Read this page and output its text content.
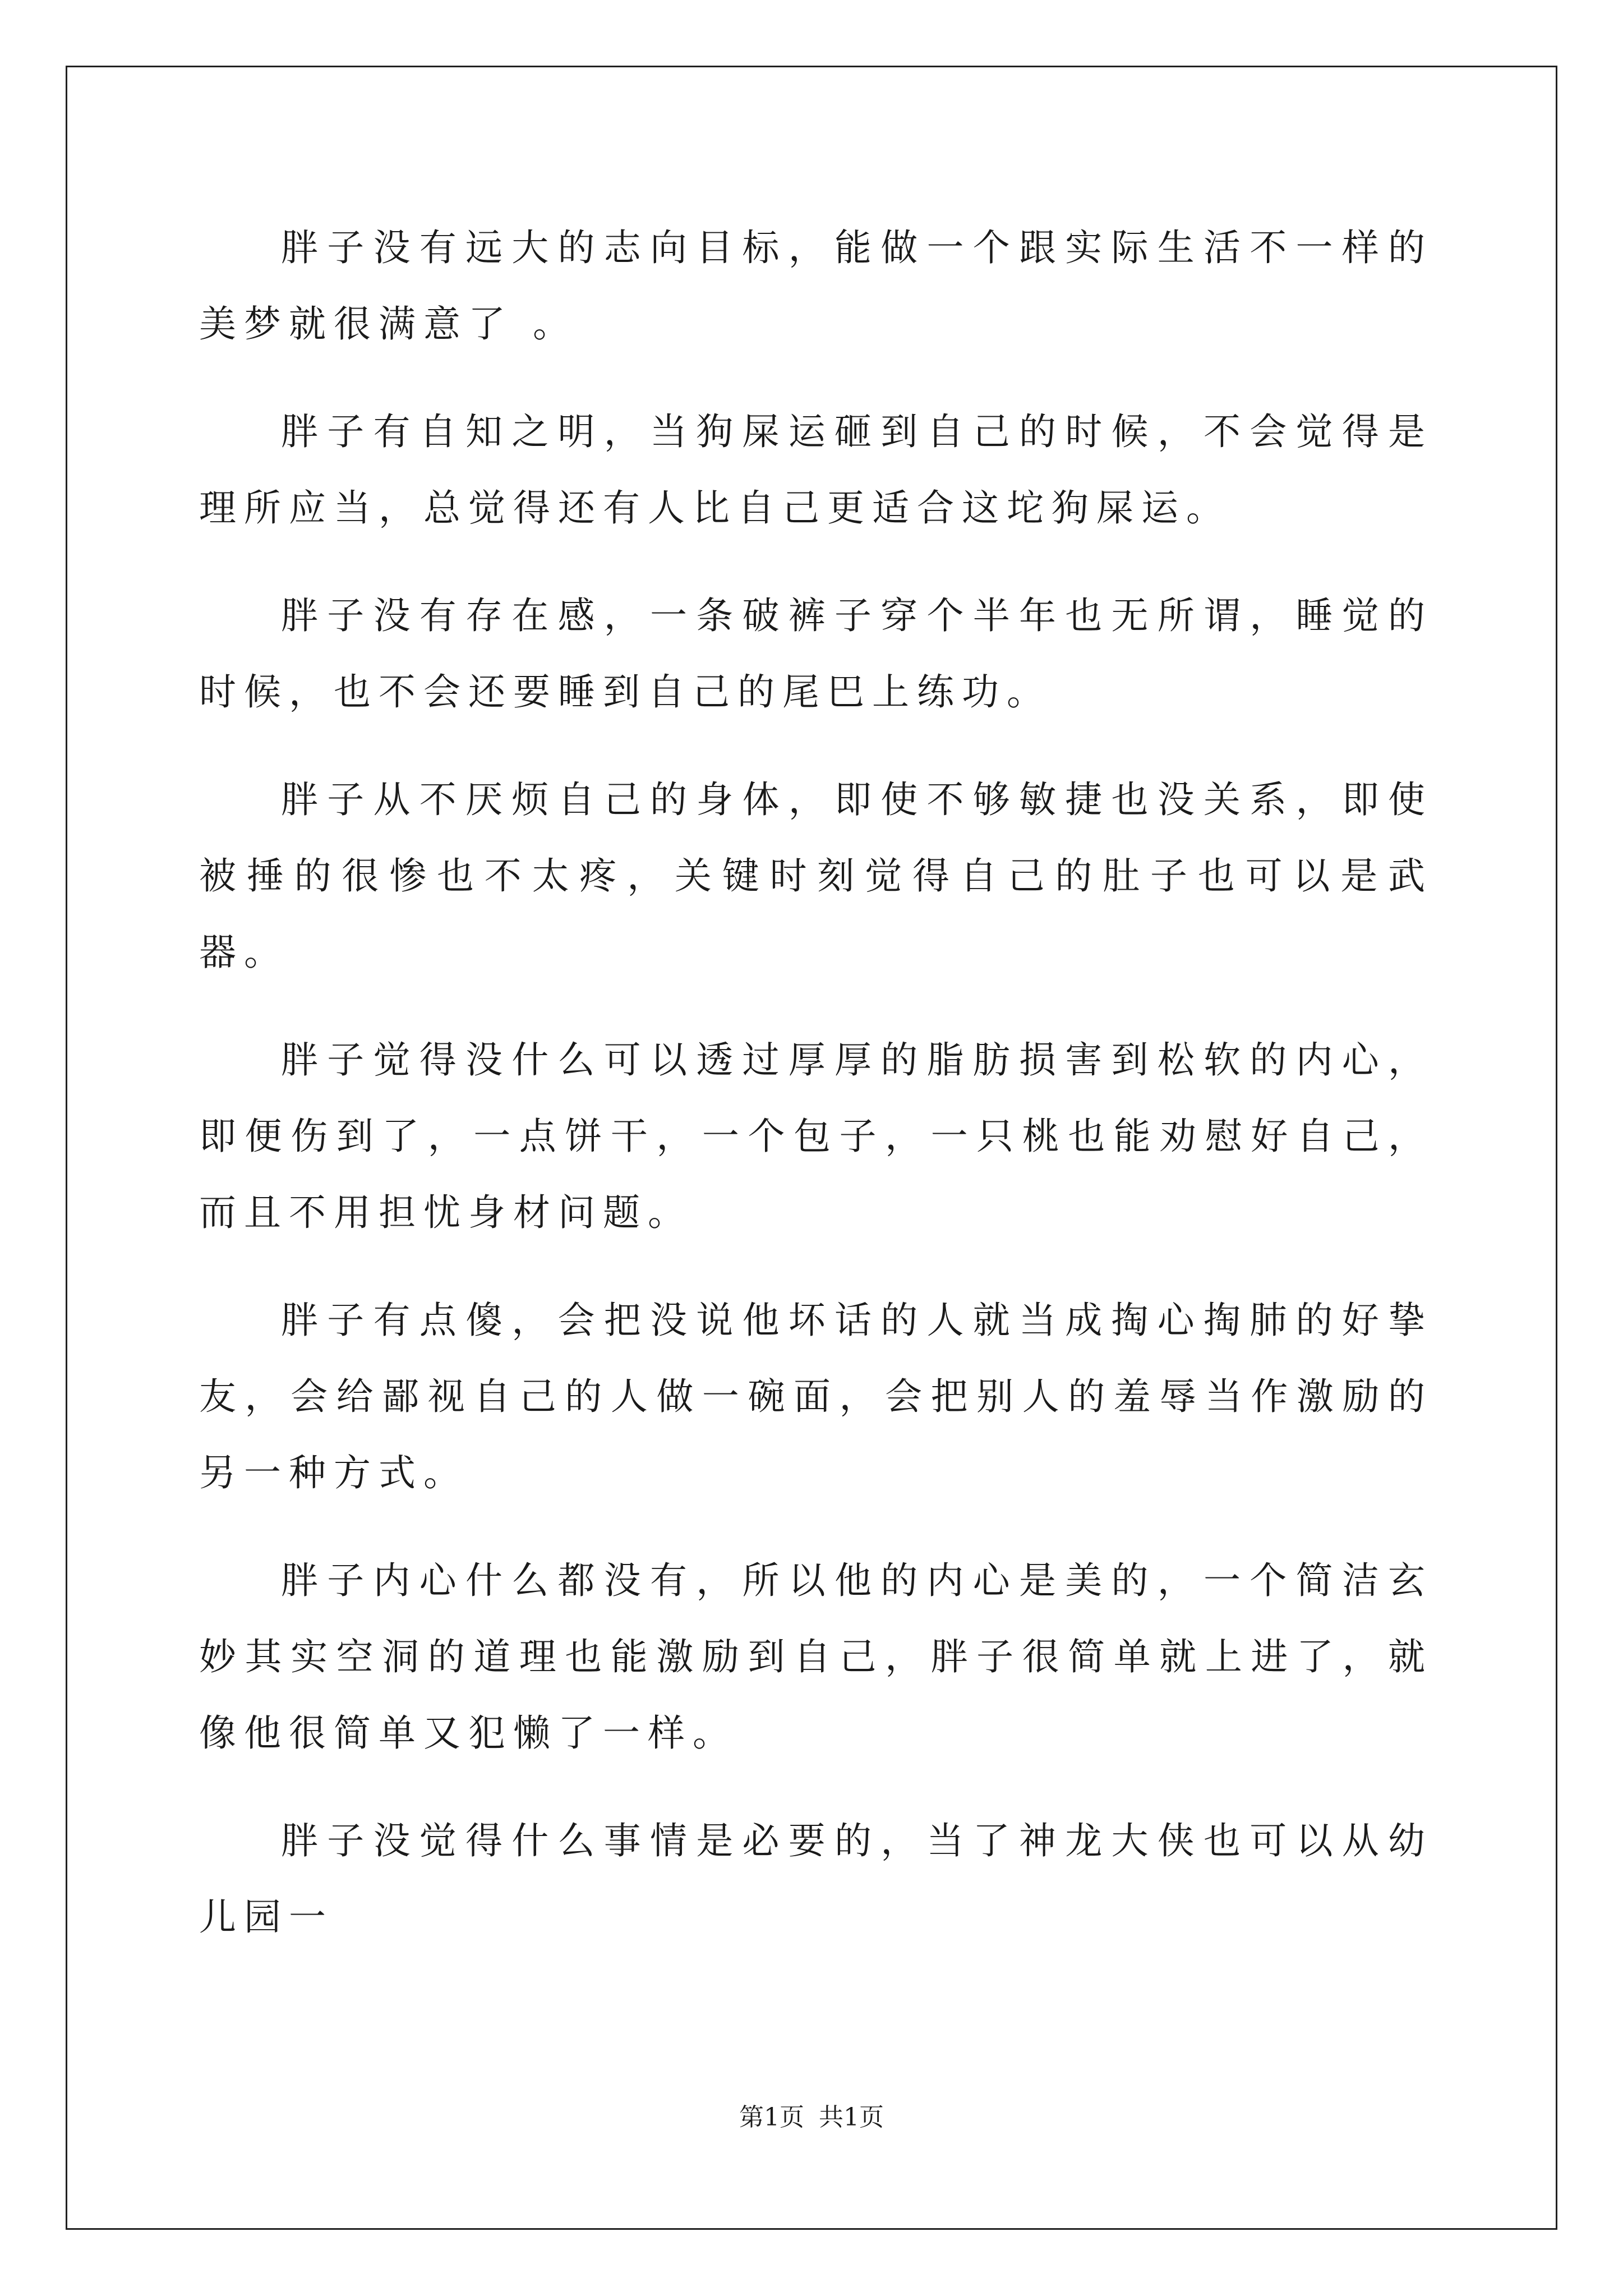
胖子没有远大的志向目标，能做一个跟实际生活不一样的美梦就很满意了 。

胖子有自知之明，当狗屎运砸到自己的时候，不会觉得是理所应当，总觉得还有人比自己更适合这坨狗屎运。

胖子没有存在感，一条破裤子穿个半年也无所谓，睡觉的时候，也不会还要睡到自己的尾巴上练功。

胖子从不厌烦自己的身体，即使不够敏捷也没关系，即使被捶的很惨也不太疼，关键时刻觉得自己的肚子也可以是武器。

胖子觉得没什么可以透过厚厚的脂肪损害到松软的内心，即便伤到了，一点饼干，一个包子，一只桃也能劝慰好自己，而且不用担忧身材问题。

胖子有点傻，会把没说他坏话的人就当成掏心掏肺的好挚友，会给鄙视自己的人做一碗面，会把别人的羞辱当作激励的另一种方式。

胖子内心什么都没有，所以他的内心是美的，一个简洁玄妙其实空洞的道理也能激励到自己，胖子很简单就上进了，就像他很简单又犯懒了一样。

胖子没觉得什么事情是必要的，当了神龙大侠也可以从幼儿园一

第1页 共1页
